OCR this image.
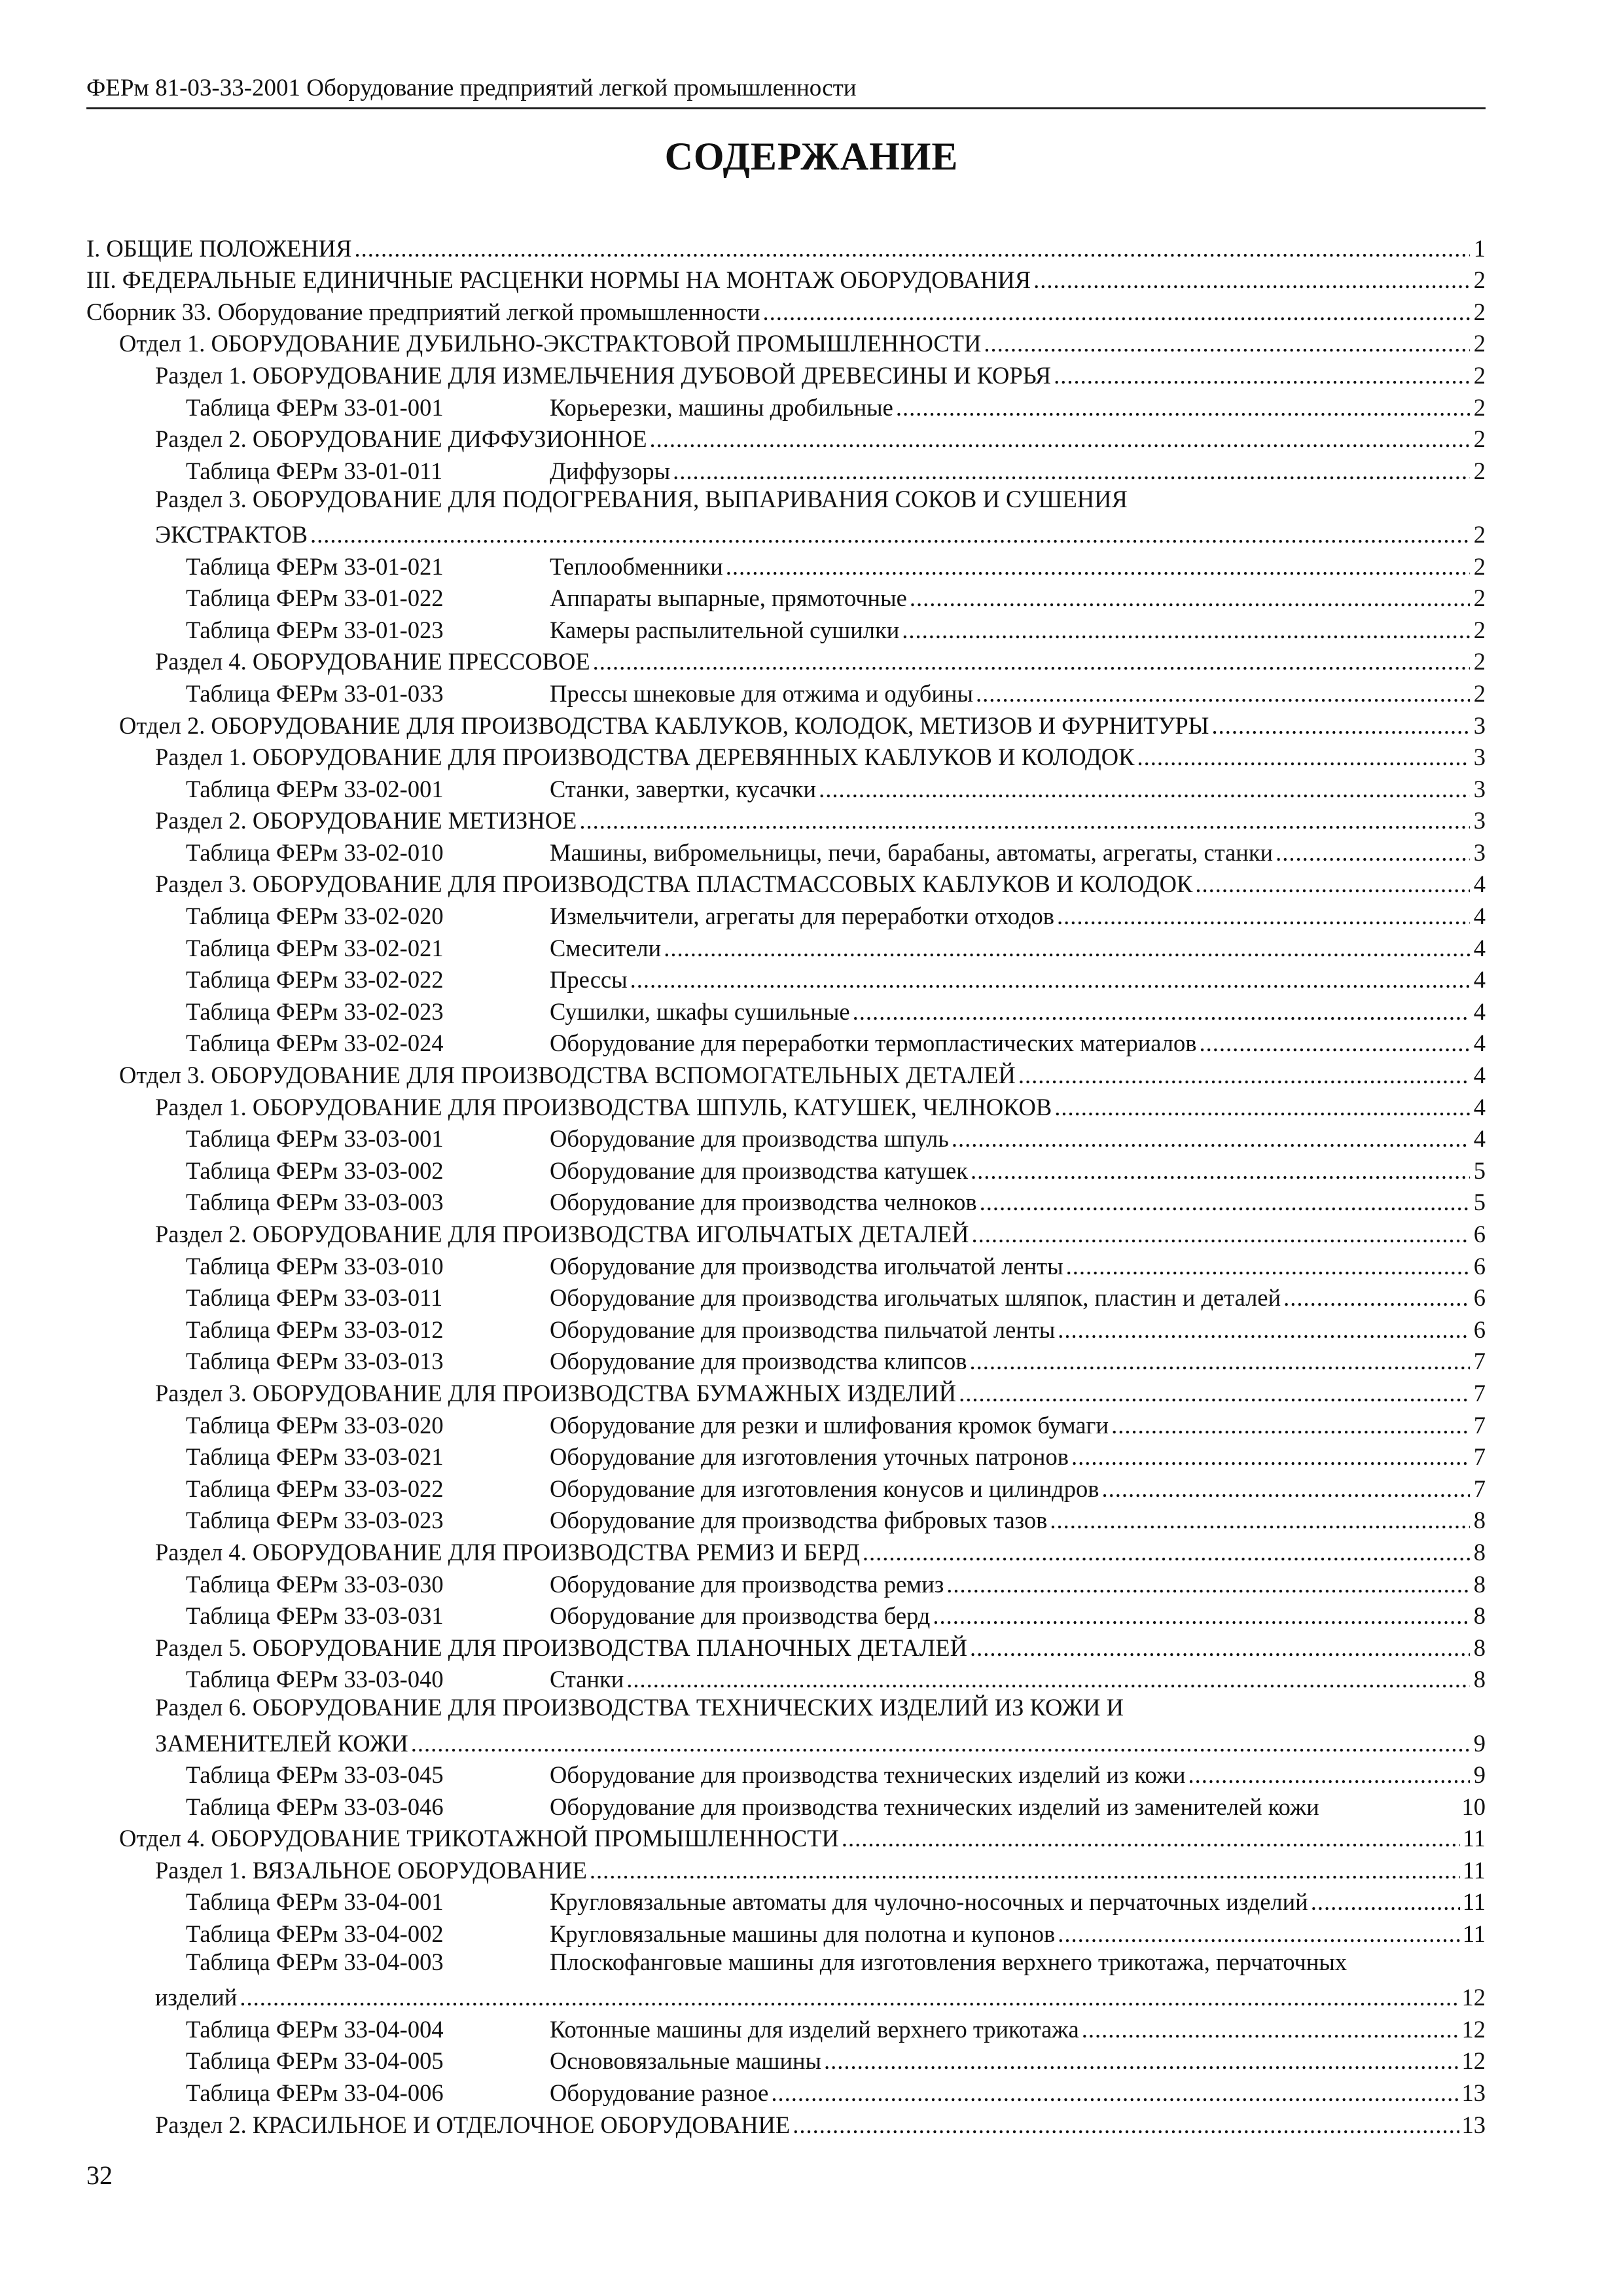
ФЕРм 81-03-33-2001 Оборудование предприятий легкой промышленности
СОДЕРЖАНИЕ
I. ОБЩИЕ ПОЛОЖЕНИЯ .....	1
III. ФЕДЕРАЛЬНЫЕ ЕДИНИЧНЫЕ РАСЦЕНКИ НОРМЫ НА МОНТАЖ ОБОРУДОВАНИЯ .....	2
Сборник 33. Оборудование предприятий легкой промышленности .....	2
Отдел 1. ОБОРУДОВАНИЕ ДУБИЛЬНО-ЭКСТРАКТОВОЙ ПРОМЫШЛЕННОСТИ .....	2
Раздел 1. ОБОРУДОВАНИЕ ДЛЯ ИЗМЕЛЬЧЕНИЯ ДУБОВОЙ ДРЕВЕСИНЫ И КОРЬЯ .....	2
Таблица ФЕРм 33-01-001	Корьерезки, машины дробильные .....	2
Раздел 2. ОБОРУДОВАНИЕ ДИФФУЗИОННОЕ .....	2
Таблица ФЕРм 33-01-011	Диффузоры .....	2
Раздел 3. ОБОРУДОВАНИЕ ДЛЯ ПОДОГРЕВАНИЯ, ВЫПАРИВАНИЯ СОКОВ И СУШЕНИЯ
ЭКСТРАКТОВ .....	2
Таблица ФЕРм 33-01-021	Теплообменники .....	2
Таблица ФЕРм 33-01-022	Аппараты выпарные, прямоточные .....	2
Таблица ФЕРм 33-01-023	Камеры распылительной сушилки .....	2
Раздел 4. ОБОРУДОВАНИЕ ПРЕССОВОЕ .....	2
Таблица ФЕРм 33-01-033	Прессы шнековые для отжима и одубины .....	2
Отдел 2. ОБОРУДОВАНИЕ ДЛЯ ПРОИЗВОДСТВА КАБЛУКОВ, КОЛОДОК, МЕТИЗОВ И ФУРНИТУРЫ .....	3
Раздел 1. ОБОРУДОВАНИЕ ДЛЯ ПРОИЗВОДСТВА ДЕРЕВЯННЫХ КАБЛУКОВ И КОЛОДОК .....	3
Таблица ФЕРм 33-02-001	Станки, завертки, кусачки .....	3
Раздел 2. ОБОРУДОВАНИЕ МЕТИЗНОЕ .....	3
Таблица ФЕРм 33-02-010	Машины, вибромельницы, печи, барабаны, автоматы, агрегаты, станки .....	3
Раздел 3. ОБОРУДОВАНИЕ ДЛЯ ПРОИЗВОДСТВА ПЛАСТМАССОВЫХ КАБЛУКОВ И КОЛОДОК .....	4
Таблица ФЕРм 33-02-020	Измельчители, агрегаты для переработки отходов .....	4
Таблица ФЕРм 33-02-021	Смесители .....	4
Таблица ФЕРм 33-02-022	Прессы .....	4
Таблица ФЕРм 33-02-023	Сушилки, шкафы сушильные .....	4
Таблица ФЕРм 33-02-024	Оборудование для переработки термопластических материалов .....	4
Отдел 3. ОБОРУДОВАНИЕ ДЛЯ ПРОИЗВОДСТВА ВСПОМОГАТЕЛЬНЫХ ДЕТАЛЕЙ .....	4
Раздел 1. ОБОРУДОВАНИЕ ДЛЯ ПРОИЗВОДСТВА ШПУЛЬ, КАТУШЕК, ЧЕЛНОКОВ .....	4
Таблица ФЕРм 33-03-001	Оборудование для производства шпуль .....	4
Таблица ФЕРм 33-03-002	Оборудование для производства катушек .....	5
Таблица ФЕРм 33-03-003	Оборудование для производства челноков .....	5
Раздел 2. ОБОРУДОВАНИЕ ДЛЯ ПРОИЗВОДСТВА ИГОЛЬЧАТЫХ ДЕТАЛЕЙ .....	6
Таблица ФЕРм 33-03-010	Оборудование для производства игольчатой ленты .....	6
Таблица ФЕРм 33-03-011	Оборудование для производства игольчатых шляпок, пластин и деталей .....	6
Таблица ФЕРм 33-03-012	Оборудование для производства пильчатой ленты .....	6
Таблица ФЕРм 33-03-013	Оборудование для производства клипсов .....	7
Раздел 3. ОБОРУДОВАНИЕ ДЛЯ ПРОИЗВОДСТВА БУМАЖНЫХ ИЗДЕЛИЙ .....	7
Таблица ФЕРм 33-03-020	Оборудование для резки и шлифования кромок бумаги .....	7
Таблица ФЕРм 33-03-021	Оборудование для изготовления уточных патронов .....	7
Таблица ФЕРм 33-03-022	Оборудование для изготовления конусов и цилиндров .....	7
Таблица ФЕРм 33-03-023	Оборудование для производства фибровых тазов .....	8
Раздел 4. ОБОРУДОВАНИЕ ДЛЯ ПРОИЗВОДСТВА РЕМИЗ И БЕРД .....	8
Таблица ФЕРм 33-03-030	Оборудование для производства ремиз .....	8
Таблица ФЕРм 33-03-031	Оборудование для производства берд .....	8
Раздел 5. ОБОРУДОВАНИЕ ДЛЯ ПРОИЗВОДСТВА ПЛАНОЧНЫХ ДЕТАЛЕЙ .....	8
Таблица ФЕРм 33-03-040	Станки .....	8
Раздел 6. ОБОРУДОВАНИЕ ДЛЯ ПРОИЗВОДСТВА ТЕХНИЧЕСКИХ ИЗДЕЛИЙ ИЗ КОЖИ И
ЗАМЕНИТЕЛЕЙ КОЖИ .....	9
Таблица ФЕРм 33-03-045	Оборудование для производства технических изделий из кожи .....	9
Таблица ФЕРм 33-03-046	Оборудование для производства технических изделий из заменителей кожи	10
Отдел 4. ОБОРУДОВАНИЕ ТРИКОТАЖНОЙ ПРОМЫШЛЕННОСТИ .....	11
Раздел 1. ВЯЗАЛЬНОЕ ОБОРУДОВАНИЕ .....	11
Таблица ФЕРм 33-04-001	Кругловязальные автоматы для чулочно-носочных и перчаточных изделий .....	11
Таблица ФЕРм 33-04-002	Кругловязальные машины для полотна и купонов .....	11
Таблица ФЕРм 33-04-003	Плоскофанговые машины для изготовления верхнего трикотажа, перчаточных
изделий .....	12
Таблица ФЕРм 33-04-004	Котонные машины для изделий верхнего трикотажа .....	12
Таблица ФЕРм 33-04-005	Основовязальные машины .....	12
Таблица ФЕРм 33-04-006	Оборудование разное .....	13
Раздел 2. КРАСИЛЬНОЕ И ОТДЕЛОЧНОЕ ОБОРУДОВАНИЕ .....	13
32
